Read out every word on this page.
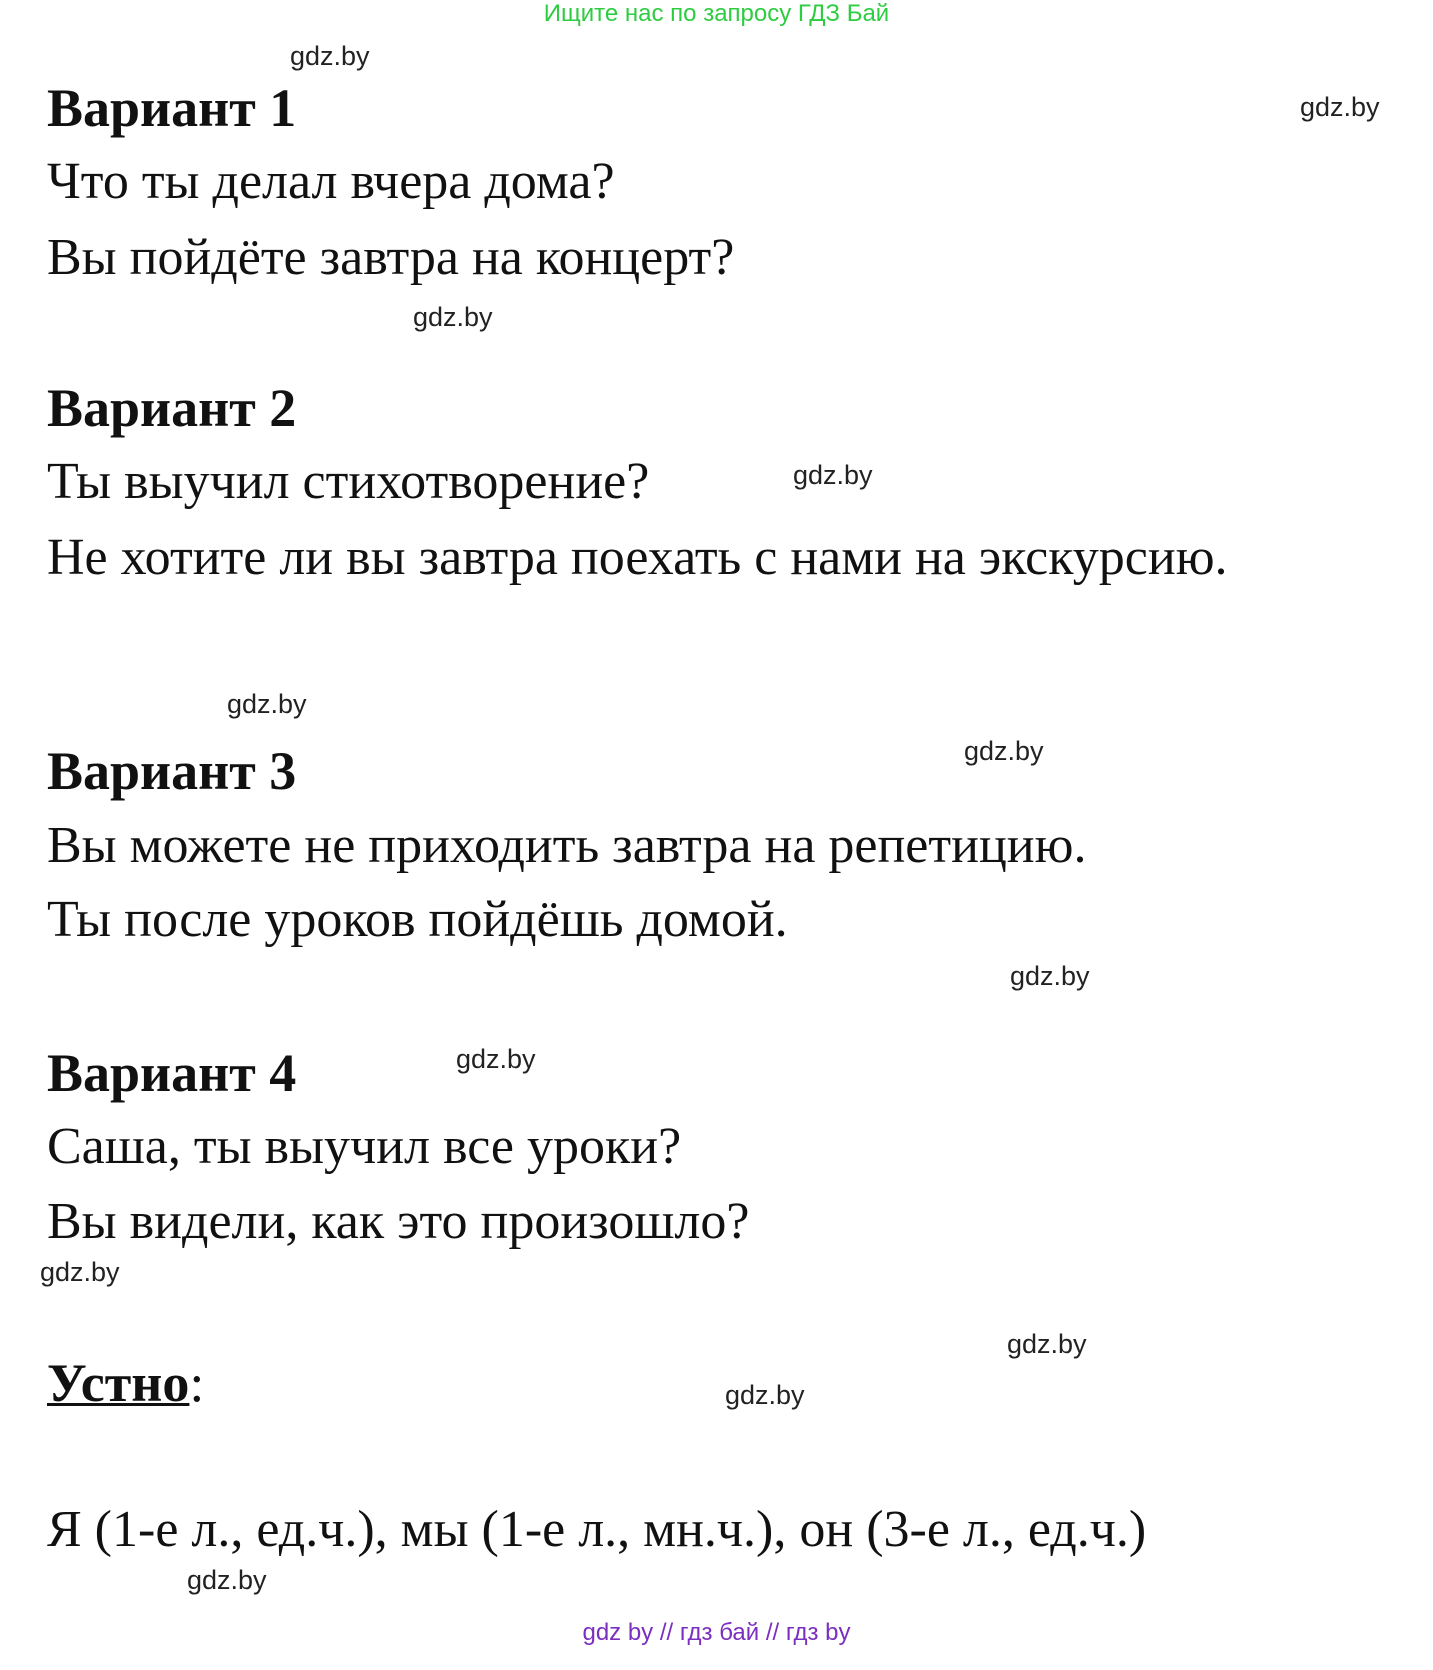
Ищите нас по запросу ГДЗ Бай
gdz.by
gdz.by
gdz.by
gdz.by
gdz.by
gdz.by
gdz.by
gdz.by
gdz.by
gdz.by
gdz.by
gdz.by
Вариант 1
Что ты делал вчера дома?
Вы пойдёте завтра на концерт?
Вариант 2
Ты выучил стихотворение?
Не хотите ли вы завтра поехать с нами на экскурсию.
Вариант 3
Вы можете не приходить завтра на репетицию.
Ты после уроков пойдёшь домой.
Вариант 4
Саша, ты выучил все уроки?
Вы видели, как это произошло?
Устно:
Я (1-е л., ед.ч.), мы (1-е л., мн.ч.), он (3-е л., ед.ч.)
gdz by // гдз бай // гдз by
